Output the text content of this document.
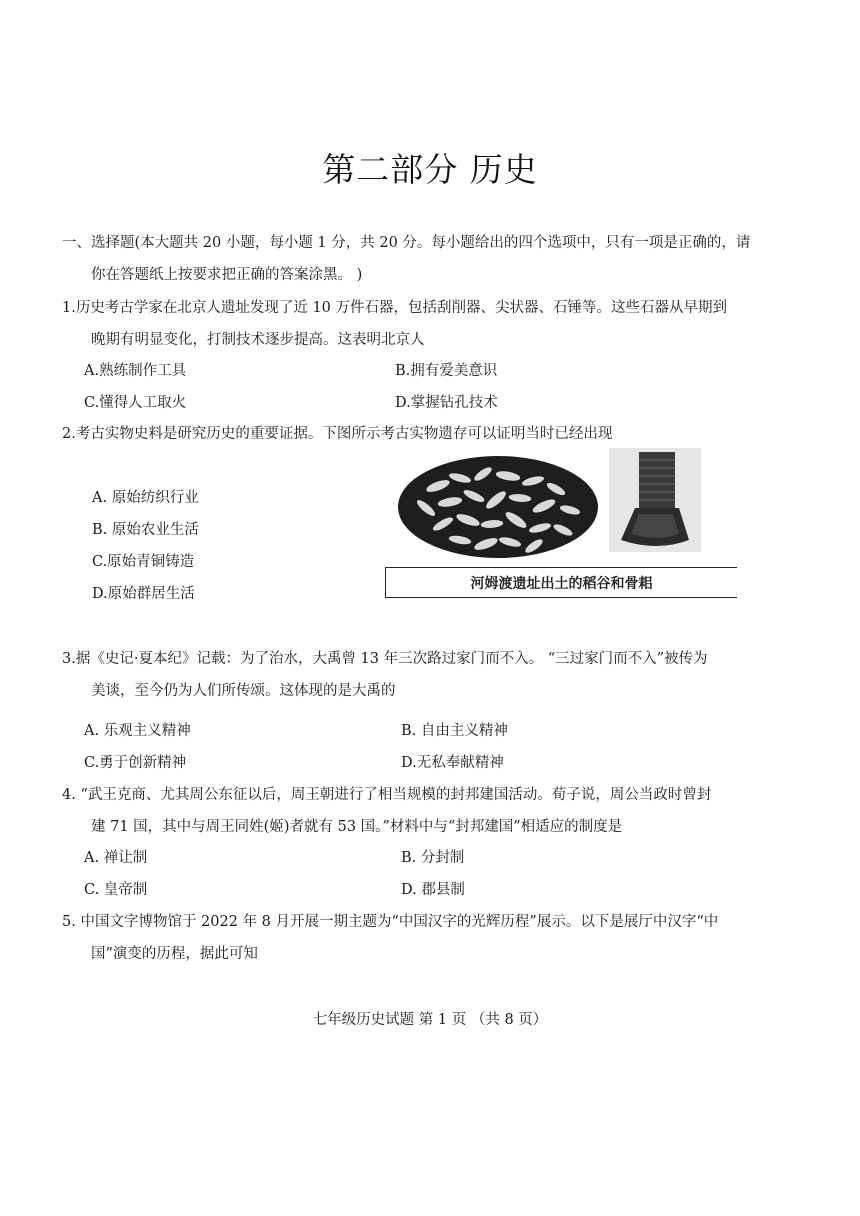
第二部分 历史
一、选择题(本大题共 20 小题，每小题 1 分，共 20 分。每小题给出的四个选项中，只有一项是正确的，请
你在答题纸上按要求把正确的答案涂黑。 )
1.历史考古学家在北京人遗址发现了近 10 万件石器，包括刮削器、尖状器、石锤等。这些石器从早期到
晚期有明显变化，打制技术逐步提高。这表明北京人
A.熟练制作工具	B.拥有爱美意识
C.懂得人工取火	D.掌握钻孔技术
2.考古实物史料是研究历史的重要证据。下图所示考古实物遗存可以证明当时已经出现
A. 原始纺织行业
B. 原始农业生活
C.原始青铜铸造
D.原始群居生活
河姆渡遗址出土的稻谷和骨耜
3.据《史记·夏本纪》记载：为了治水，大禹曾 13 年三次路过家门而不入。 “三过家门而不入”被传为
美谈，至今仍为人们所传颂。这体现的是大禹的
A. 乐观主义精神	B. 自由主义精神
C.勇于创新精神	D.无私奉献精神
4. “武王克商、尤其周公东征以后，周王朝进行了相当规模的封邦建国活动。荀子说，周公当政时曾封
建 71 国，其中与周王同姓(姬)者就有 53 国。”材料中与“封邦建国”相适应的制度是
A. 禅让制	B. 分封制
C. 皇帝制	D. 郡县制
5. 中国文字博物馆于 2022 年 8 月开展一期主题为“中国汉字的光辉历程”展示。以下是展厅中汉字“中
国”演变的历程，据此可知
七年级历史试题 第 1 页 （共 8 页）
